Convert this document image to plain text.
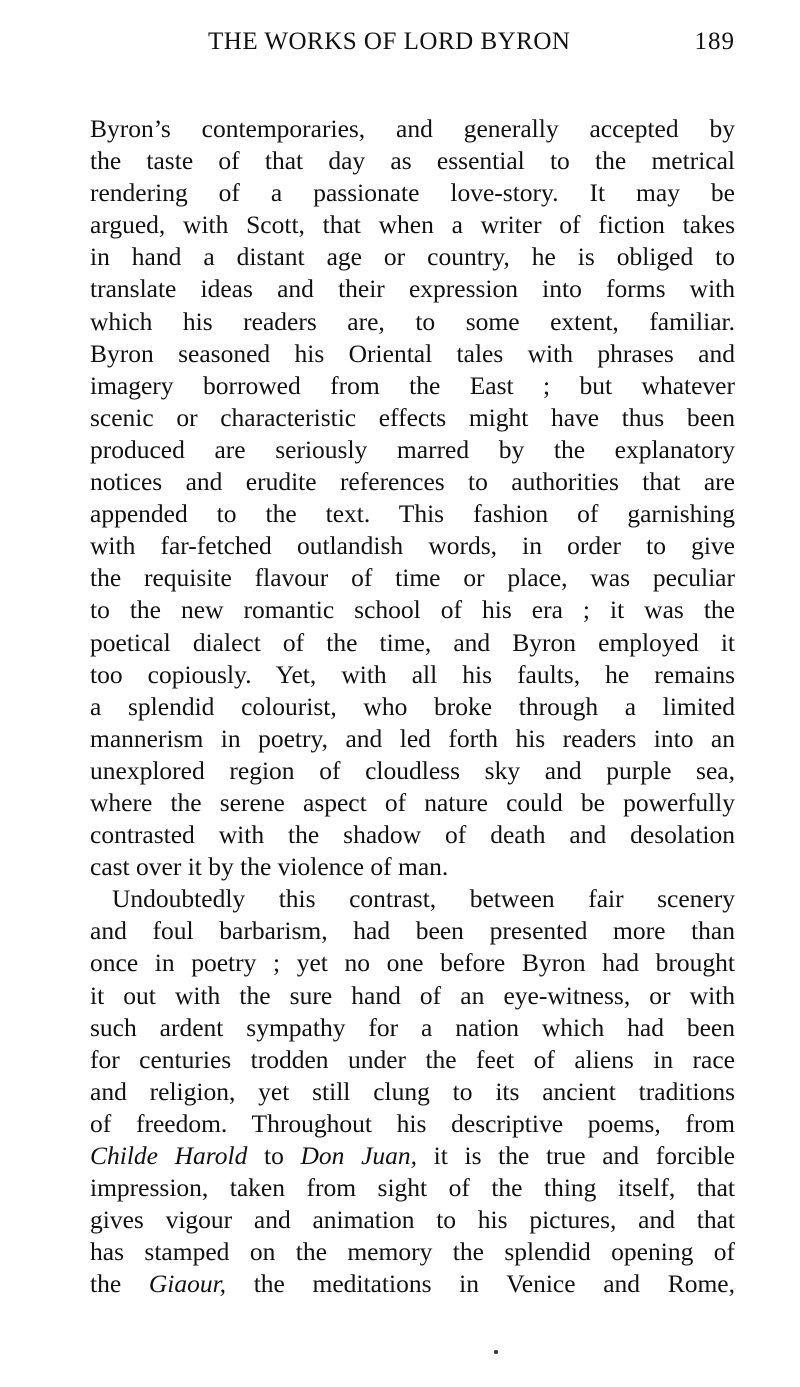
THE WORKS OF LORD BYRON	189
Byron’s contemporaries, and generally accepted by
the taste of that day as essential to the metrical
rendering of a passionate love-story. It may be
argued, with Scott, that when a writer of fiction takes
in hand a distant age or country, he is obliged to
translate ideas and their expression into forms with
which his readers are, to some extent, familiar.
Byron seasoned his Oriental tales with phrases and
imagery borrowed from the East ; but whatever
scenic or characteristic effects might have thus been
produced are seriously marred by the explanatory
notices and erudite references to authorities that are
appended to the text. This fashion of garnishing
with far-fetched outlandish words, in order to give
the requisite flavour of time or place, was peculiar
to the new romantic school of his era ; it was the
poetical dialect of the time, and Byron employed it
too copiously. Yet, with all his faults, he remains
a splendid colourist, who broke through a limited
mannerism in poetry, and led forth his readers into an
unexplored region of cloudless sky and purple sea,
where the serene aspect of nature could be powerfully
contrasted with the shadow of death and desolation
cast over it by the violence of man.
Undoubtedly this contrast, between fair scenery
and foul barbarism, had been presented more than
once in poetry ; yet no one before Byron had brought
it out with the sure hand of an eye-witness, or with
such ardent sympathy for a nation which had been
for centuries trodden under the feet of aliens in race
and religion, yet still clung to its ancient traditions
of freedom. Throughout his descriptive poems, from
Childe Harold to Don Juan, it is the true and forcible
impression, taken from sight of the thing itself, that
gives vigour and animation to his pictures, and that
has stamped on the memory the splendid opening of
the Giaour, the meditations in Venice and Rome,
